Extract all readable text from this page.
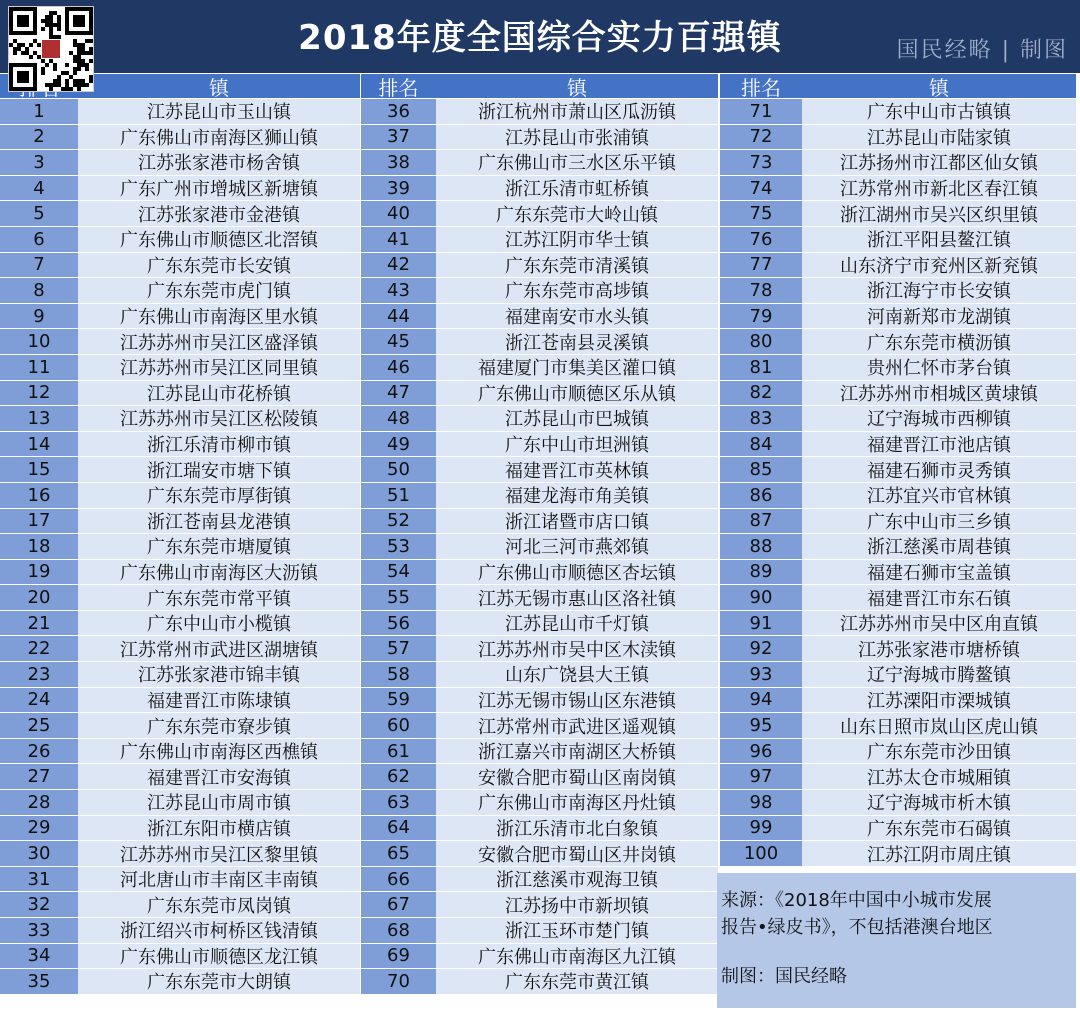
2018年度全国综合实力百强镇	国民经略 | 制图
1
2
3
4
5
6
7
8
9
10
11
12
13
14
15
16
17
18
19
20
21
22
23
24
25
26
27
28
29
30
31
32
33
34
35
镇
江苏昆山市玉山镇
广东佛山市南海区狮山镇
江苏张家港市杨舍镇
广东广州市增城区新塘镇
江苏张家港市金港镇
广东佛山市顺德区北滘镇
广东东莞市长安镇
广东东莞市虎门镇
广东佛山市南海区里水镇
江苏苏州市吴江区盛泽镇
江苏苏州市吴江区同里镇
江苏昆山市花桥镇
江苏苏州市吴江区松陵镇
浙江乐清市柳市镇
浙江瑞安市塘下镇
广东东莞市厚街镇
浙江苍南县龙港镇
广东东莞市塘厦镇
广东佛山市南海区大沥镇
广东东莞市常平镇
广东中山市小榄镇
江苏常州市武进区湖塘镇
江苏张家港市锦丰镇
福建晋江市陈埭镇
广东东莞市寮步镇
广东佛山市南海区西樵镇
福建晋江市安海镇
江苏昆山市周市镇
浙江东阳市横店镇
江苏苏州市吴江区黎里镇
河北唐山市丰南区丰南镇
广东东莞市凤岗镇
浙江绍兴市柯桥区钱清镇
广东佛山市顺德区龙江镇
广东东莞市大朗镇
排名
36
37
38
39
40
41
42
43
44
45
46
47
48
49
50
51
52
53
54
55
56
57
58
59
60
61
62
63
64
65
66
67
68
69
70
镇
浙江杭州市萧山区瓜沥镇
江苏昆山市张浦镇
广东佛山市三水区乐平镇
浙江乐清市虹桥镇
广东东莞市大岭山镇
江苏江阴市华士镇
广东东莞市清溪镇
广东东莞市高埗镇
福建南安市水头镇
浙江苍南县灵溪镇
福建厦门市集美区灌口镇
广东佛山市顺德区乐从镇
江苏昆山市巴城镇
广东中山市坦洲镇
福建晋江市英林镇
福建龙海市角美镇
浙江诸暨市店口镇
河北三河市燕郊镇
广东佛山市顺德区杏坛镇
江苏无锡市惠山区洛社镇
江苏昆山市千灯镇
江苏苏州市吴中区木渎镇
山东广饶县大王镇
江苏无锡市锡山区东港镇
江苏常州市武进区遥观镇
浙江嘉兴市南湖区大桥镇
安徽合肥市蜀山区南岗镇
广东佛山市南海区丹灶镇
浙江乐清市北白象镇
安徽合肥市蜀山区井岗镇
浙江慈溪市观海卫镇
江苏扬中市新坝镇
浙江玉环市楚门镇
广东佛山市南海区九江镇
广东东莞市黄江镇
排名
71
72
73
74
75
76
77
78
79
80
81
82
83
84
85
86
87
88
89
90
91
92
93
94
95
96
97
98
99
100
镇
广东中山市古镇镇
江苏昆山市陆家镇
江苏扬州市江都区仙女镇
江苏常州市新北区春江镇
浙江湖州市吴兴区织里镇
浙江平阳县鳌江镇
山东济宁市兖州区新兖镇
浙江海宁市长安镇
河南新郑市龙湖镇
广东东莞市横沥镇
贵州仁怀市茅台镇
江苏苏州市相城区黄埭镇
辽宁海城市西柳镇
福建晋江市池店镇
福建石狮市灵秀镇
江苏宜兴市官林镇
广东中山市三乡镇
浙江慈溪市周巷镇
福建石狮市宝盖镇
福建晋江市东石镇
江苏苏州市吴中区甪直镇
江苏张家港市塘桥镇
辽宁海城市腾鳌镇
江苏溧阳市溧城镇
山东日照市岚山区虎山镇
广东东莞市沙田镇
江苏太仓市城厢镇
辽宁海城市析木镇
广东东莞市石碣镇
江苏江阴市周庄镇

来源：《2018年中国中小城市发展

报告•绿皮书》，不包括港澳台地区

制图：国民经略
